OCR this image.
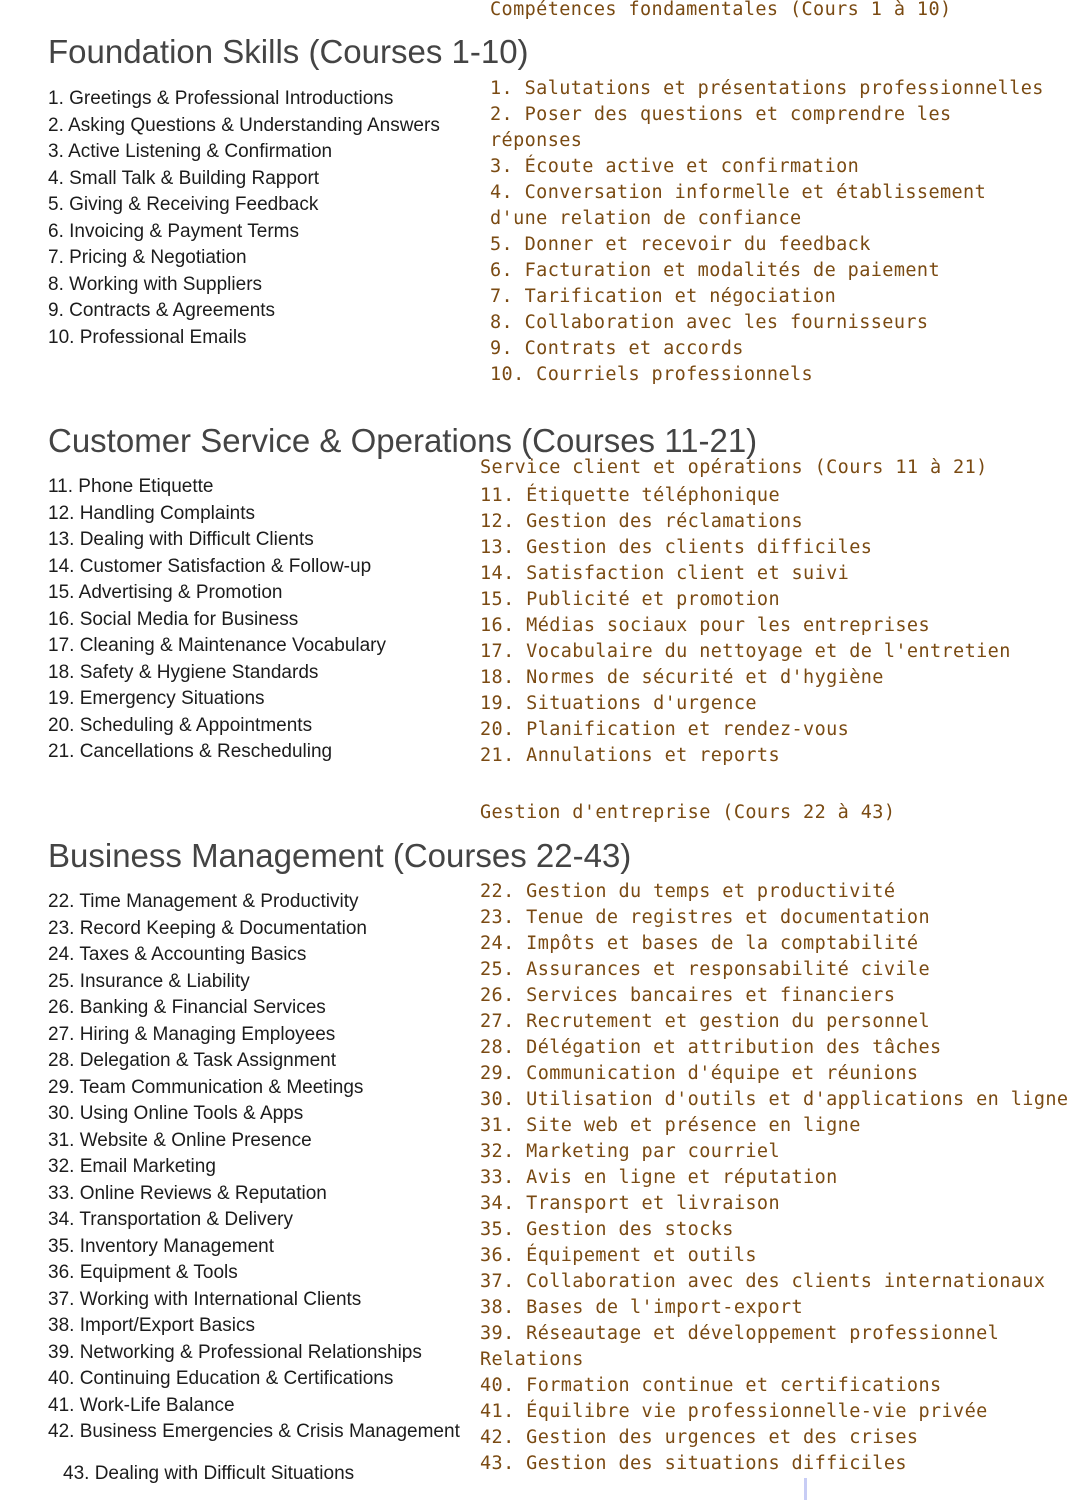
Compétences fondamentales (Cours 1 à 10)
Foundation Skills (Courses 1-10)
1. Greetings & Professional Introductions
2. Asking Questions & Understanding Answers
3. Active Listening & Confirmation
4. Small Talk & Building Rapport
5. Giving & Receiving Feedback
6. Invoicing & Payment Terms
7. Pricing & Negotiation
8. Working with Suppliers
9. Contracts & Agreements
10. Professional Emails
1. Salutations et présentations professionnelles
2. Poser des questions et comprendre les
réponses
3. Écoute active et confirmation
4. Conversation informelle et établissement
d'une relation de confiance
5. Donner et recevoir du feedback
6. Facturation et modalités de paiement
7. Tarification et négociation
8. Collaboration avec les fournisseurs
9. Contrats et accords
10. Courriels professionnels
Customer Service & Operations (Courses 11-21)
Service client et opérations (Cours 11 à 21)
11. Phone Etiquette
12. Handling Complaints
13. Dealing with Difficult Clients
14. Customer Satisfaction & Follow-up
15. Advertising & Promotion
16. Social Media for Business
17. Cleaning & Maintenance Vocabulary
18. Safety & Hygiene Standards
19. Emergency Situations
20. Scheduling & Appointments
21. Cancellations & Rescheduling
11. Étiquette téléphonique
12. Gestion des réclamations
13. Gestion des clients difficiles
14. Satisfaction client et suivi
15. Publicité et promotion
16. Médias sociaux pour les entreprises
17. Vocabulaire du nettoyage et de l'entretien
18. Normes de sécurité et d'hygiène
19. Situations d'urgence
20. Planification et rendez-vous
21. Annulations et reports
Gestion d'entreprise (Cours 22 à 43)
Business Management (Courses 22-43)
22. Time Management & Productivity
23. Record Keeping & Documentation
24. Taxes & Accounting Basics
25. Insurance & Liability
26. Banking & Financial Services
27. Hiring & Managing Employees
28. Delegation & Task Assignment
29. Team Communication & Meetings
30. Using Online Tools & Apps
31. Website & Online Presence
32. Email Marketing
33. Online Reviews & Reputation
34. Transportation & Delivery
35. Inventory Management
36. Equipment & Tools
37. Working with International Clients
38. Import/Export Basics
39. Networking & Professional Relationships
40. Continuing Education & Certifications
41. Work-Life Balance
42. Business Emergencies & Crisis Management
43. Dealing with Difficult Situations
22. Gestion du temps et productivité
23. Tenue de registres et documentation
24. Impôts et bases de la comptabilité
25. Assurances et responsabilité civile
26. Services bancaires et financiers
27. Recrutement et gestion du personnel
28. Délégation et attribution des tâches
29. Communication d'équipe et réunions
30. Utilisation d'outils et d'applications en ligne
31. Site web et présence en ligne
32. Marketing par courriel
33. Avis en ligne et réputation
34. Transport et livraison
35. Gestion des stocks
36. Équipement et outils
37. Collaboration avec des clients internationaux
38. Bases de l'import-export
39. Réseautage et développement professionnel
Relations
40. Formation continue et certifications
41. Équilibre vie professionnelle-vie privée
42. Gestion des urgences et des crises
43. Gestion des situations difficiles
